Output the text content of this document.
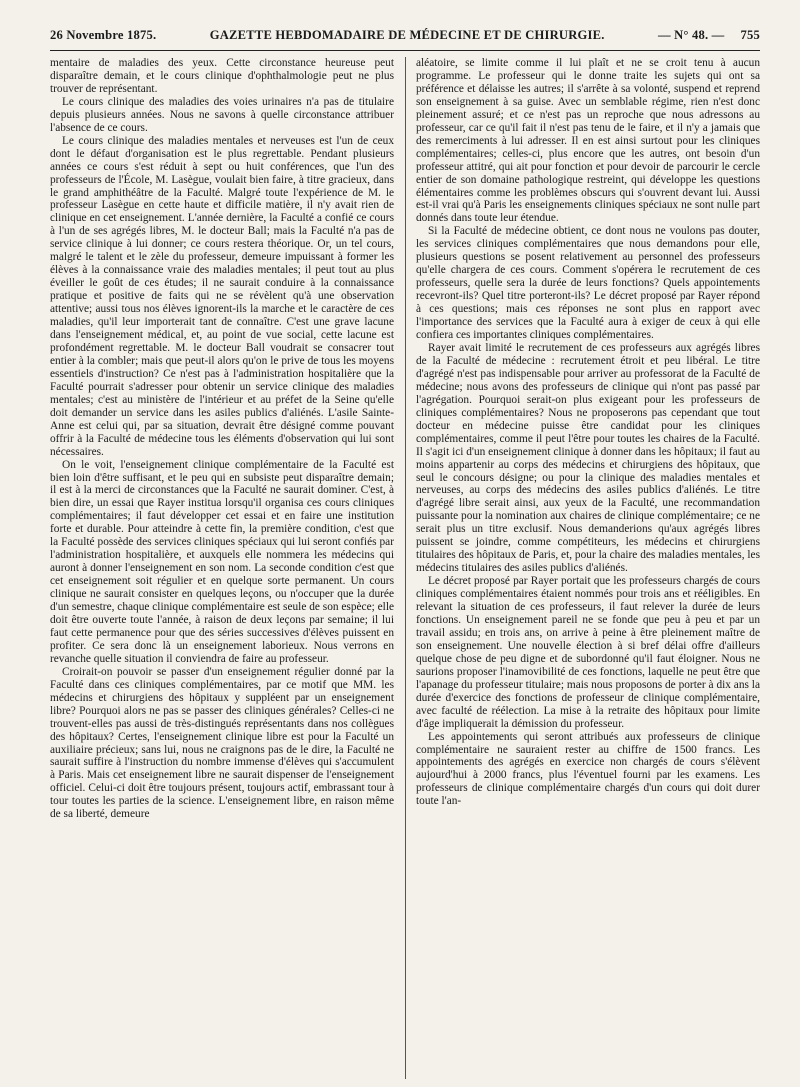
26 Novembre 1875.	GAZETTE HEBDOMADAIRE DE MÉDECINE ET DE CHIRURGIE.	— N° 48. — 755

mentaire de maladies des yeux. Cette circonstance heureuse peut disparaître demain, et le cours clinique d'ophthalmologie peut ne plus trouver de représentant.

Le cours clinique des maladies des voies urinaires n'a pas de titulaire depuis plusieurs années. Nous ne savons à quelle circonstance attribuer l'absence de ce cours.

Le cours clinique des maladies mentales et nerveuses est l'un de ceux dont le défaut d'organisation est le plus regrettable. Pendant plusieurs années ce cours s'est réduit à sept ou huit conférences, que l'un des professeurs de l'École, M. Lasègue, voulait bien faire, à titre gracieux, dans le grand amphithéâtre de la Faculté. Malgré toute l'expérience de M. le professeur Lasègue en cette haute et difficile matière, il n'y avait rien de clinique en cet enseignement. L'année dernière, la Faculté a confié ce cours à l'un de ses agrégés libres, M. le docteur Ball; mais la Faculté n'a pas de service clinique à lui donner; ce cours restera théorique. Or, un tel cours, malgré le talent et le zèle du professeur, demeure impuissant à former les élèves à la connaissance vraie des maladies mentales; il peut tout au plus éveiller le goût de ces études; il ne saurait conduire à la connaissance pratique et positive de faits qui ne se révèlent qu'à une observation attentive; aussi tous nos élèves ignorent-ils la marche et le caractère de ces maladies, qu'il leur importerait tant de connaître. C'est une grave lacune dans l'enseignement médical, et, au point de vue social, cette lacune est profondément regrettable. M. le docteur Ball voudrait se consacrer tout entier à la combler; mais que peut-il alors qu'on le prive de tous les moyens essentiels d'instruction? Ce n'est pas à l'administration hospitalière que la Faculté pourrait s'adresser pour obtenir un service clinique des maladies mentales; c'est au ministère de l'intérieur et au préfet de la Seine qu'elle doit demander un service dans les asiles publics d'aliénés. L'asile Sainte-Anne est celui qui, par sa situation, devrait être désigné comme pouvant offrir à la Faculté de médecine tous les éléments d'observation qui lui sont nécessaires.

On le voit, l'enseignement clinique complémentaire de la Faculté est bien loin d'être suffisant, et le peu qui en subsiste peut disparaître demain; il est à la merci de circonstances que la Faculté ne saurait dominer. C'est, à bien dire, un essai que Rayer institua lorsqu'il organisa ces cours cliniques complémentaires; il faut développer cet essai et en faire une institution forte et durable. Pour atteindre à cette fin, la première condition, c'est que la Faculté possède des services cliniques spéciaux qui lui seront confiés par l'administration hospitalière, et auxquels elle nommera les médecins qui auront à donner l'enseignement en son nom. La seconde condition c'est que cet enseignement soit régulier et en quelque sorte permanent. Un cours clinique ne saurait consister en quelques leçons, ou n'occuper que la durée d'un semestre, chaque clinique complémentaire est seule de son espèce; elle doit être ouverte toute l'année, à raison de deux leçons par semaine; il lui faut cette permanence pour que des séries successives d'élèves puissent en profiter. Ce sera donc là un enseignement laborieux. Nous verrons en revanche quelle situation il conviendra de faire au professeur.

Croirait-on pouvoir se passer d'un enseignement régulier donné par la Faculté dans ces cliniques complémentaires, par ce motif que MM. les médecins et chirurgiens des hôpitaux y suppléent par un enseignement libre? Pourquoi alors ne pas se passer des cliniques générales? Celles-ci ne trouvent-elles pas aussi de très-distingués représentants dans nos collègues des hôpitaux? Certes, l'enseignement clinique libre est pour la Faculté un auxiliaire précieux; sans lui, nous ne craignons pas de le dire, la Faculté ne saurait suffire à l'instruction du nombre immense d'élèves qui s'accumulent à Paris. Mais cet enseignement libre ne saurait dispenser de l'enseignement officiel. Celui-ci doit être toujours présent, toujours actif, embrassant tour à tour toutes les parties de la science. L'enseignement libre, en raison même de sa liberté, demeure

aléatoire, se limite comme il lui plaît et ne se croit tenu à aucun programme. Le professeur qui le donne traite les sujets qui ont sa préférence et délaisse les autres; il s'arrête à sa volonté, suspend et reprend son enseignement à sa guise. Avec un semblable régime, rien n'est donc pleinement assuré; et ce n'est pas un reproche que nous adressons au professeur, car ce qu'il fait il n'est pas tenu de le faire, et il n'y a jamais que des remerciments à lui adresser. Il en est ainsi surtout pour les cliniques complémentaires; celles-ci, plus encore que les autres, ont besoin d'un professeur attitré, qui ait pour fonction et pour devoir de parcourir le cercle entier de son domaine pathologique restreint, qui développe les questions élémentaires comme les problèmes obscurs qui s'ouvrent devant lui. Aussi est-il vrai qu'à Paris les enseignements cliniques spéciaux ne sont nulle part donnés dans toute leur étendue.

Si la Faculté de médecine obtient, ce dont nous ne voulons pas douter, les services cliniques complémentaires que nous demandons pour elle, plusieurs questions se posent relativement au personnel des professeurs qu'elle chargera de ces cours. Comment s'opérera le recrutement de ces professeurs, quelle sera la durée de leurs fonctions? Quels appointements recevront-ils? Quel titre porteront-ils? Le décret proposé par Rayer répond à ces questions; mais ces réponses ne sont plus en rapport avec l'importance des services que la Faculté aura à exiger de ceux à qui elle confiera ces importantes cliniques complémentaires.

Rayer avait limité le recrutement de ces professeurs aux agrégés libres de la Faculté de médecine : recrutement étroit et peu libéral. Le titre d'agrégé n'est pas indispensable pour arriver au professorat de la Faculté de médecine; nous avons des professeurs de clinique qui n'ont pas passé par l'agrégation. Pourquoi serait-on plus exigeant pour les professeurs de cliniques complémentaires? Nous ne proposerons pas cependant que tout docteur en médecine puisse être candidat pour les cliniques complémentaires, comme il peut l'être pour toutes les chaires de la Faculté. Il s'agit ici d'un enseignement clinique à donner dans les hôpitaux; il faut au moins appartenir au corps des médecins et chirurgiens des hôpitaux, que seul le concours désigne; ou pour la clinique des maladies mentales et nerveuses, au corps des médecins des asiles publics d'aliénés. Le titre d'agrégé libre serait ainsi, aux yeux de la Faculté, une recommandation puissante pour la nomination aux chaires de clinique complémentaire; ce ne serait plus un titre exclusif. Nous demanderions qu'aux agrégés libres puissent se joindre, comme compétiteurs, les médecins et chirurgiens titulaires des hôpitaux de Paris, et, pour la chaire des maladies mentales, les médecins titulaires des asiles publics d'aliénés.

Le décret proposé par Rayer portait que les professeurs chargés de cours cliniques complémentaires étaient nommés pour trois ans et rééligibles. En relevant la situation de ces professeurs, il faut relever la durée de leurs fonctions. Un enseignement pareil ne se fonde que peu à peu et par un travail assidu; en trois ans, on arrive à peine à être pleinement maître de son enseignement. Une nouvelle élection à si bref délai offre d'ailleurs quelque chose de peu digne et de subordonné qu'il faut éloigner. Nous ne saurions proposer l'inamovibilité de ces fonctions, laquelle ne peut être que l'apanage du professeur titulaire; mais nous proposons de porter à dix ans la durée d'exercice des fonctions de professeur de clinique complémentaire, avec faculté de réélection. La mise à la retraite des hôpitaux pour limite d'âge impliquerait la démission du professeur.

Les appointements qui seront attribués aux professeurs de clinique complémentaire ne sauraient rester au chiffre de 1500 francs. Les appointements des agrégés en exercice non chargés de cours s'élèvent aujourd'hui à 2000 francs, plus l'éventuel fourni par les examens. Les professeurs de clinique complémentaire chargés d'un cours qui doit durer toute l'an-
